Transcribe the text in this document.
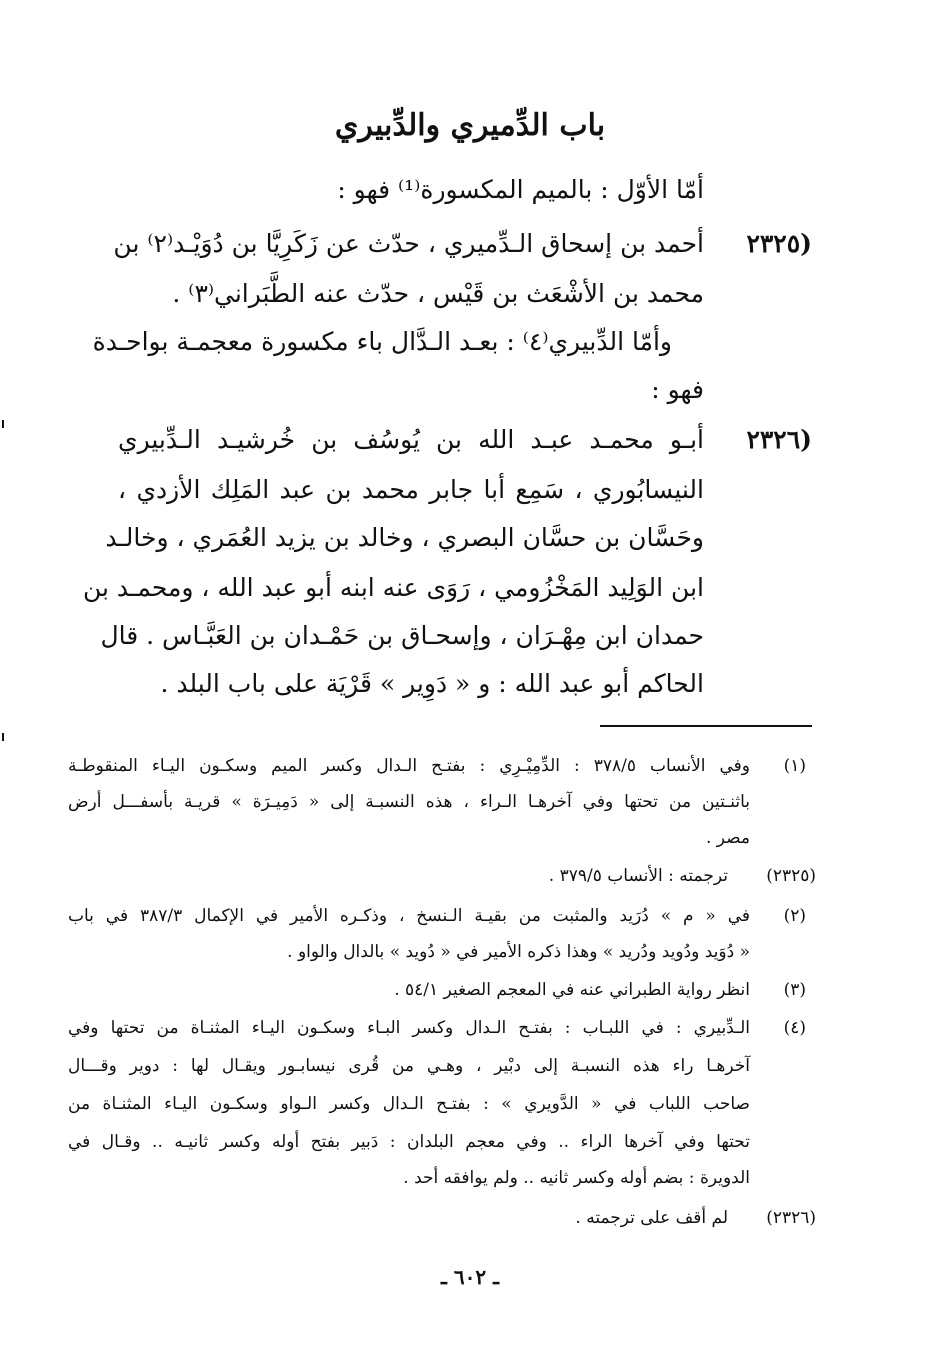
باب الدِّميري والدِّبيري
أمّا الأوّل : بالميم المكسورة⁽¹⁾ فهو :
(٢٣٢٥
أحمد بن إسحاق الـدِّميري ، حدّث عن زَكَرِيَّا بن دُوَيْـد⁽٢⁾ بن
محمد بن الأشْعَث بن قَيْس ، حدّث عنه الطَّبَراني⁽٣⁾ .
وأمّا الدِّبيري⁽٤⁾ : بعـد الـدَّال باء مكسورة معجمـة بواحـدة
فهو :
(٢٣٢٦
أبـو محمـد عبـد الله بن يُوسُف بن خُرشيـد الـدِّبيري
النيسابُوري ، سَمِع أبا جابر محمد بن عبد المَلِك الأزدي ،
وحَسَّان بن حسَّان البصري ، وخالد بن يزيد العُمَري ، وخالـد
ابن الوَلِيد المَخْزُومي ، رَوَى عنه ابنه أبو عبد الله ، ومحمـد بن
حمدان ابن مِهْـرَان ، وإسحـاق بن حَمْـدان بن العَبَّـاس . قال
الحاكم أبو عبد الله : و « دَوِير » قَرْيَة على باب البلد .
(١)
وفي الأنساب ٣٧٨/٥ : الدِّمِيْـرِي : بفتـح الـدال وكسر الميم وسكـون اليـاء المنقوطـة
باثنـتين من تحتها وفي آخرهـا الـراء ، هذه النسبـة إلى « دَمِيـرَة » قريـة بأسفـــل أرض
مصر .
(٢٣٢٥)
ترجمته : الأنساب ٣٧٩/٥ .
(٢)
في « م » دُرَيد والمثبت من بقيـة الـنسخ ، وذكـره الأمير في الإكمال ٣٨٧/٣ في باب
« دُوَيد ودُويد ودُريد » وهذا ذكره الأمير في « دُويد » بالدال والواو .
(٣)
انظر رواية الطبراني عنه في المعجم الصغير ٥٤/١ .
(٤)
الـدِّبيري : في اللبـاب : بفتـح الـدال وكسر البـاء وسكـون اليـاء المثنـاة من تحتها وفي
آخرهـا راء هذه النسبـة إلى دبْير ، وهـي من قُرى نيسابـور ويقـال لها : دوير وقـــال
صاحب اللباب في « الدَّويري » : بفتـح الـدال وكسر الـواو وسكـون اليـاء المثنـاة من
تحتها وفي آخرها الراء .. وفي معجم البلدان : دَبير بفتح أوله وكسر ثانيـه .. وقـال في
الدويرة : بضم أوله وكسر ثانيه .. ولم يوافقه أحد .
(٢٣٢٦)
لم أقف على ترجمته .
ـ ٦٠٢ ـ
